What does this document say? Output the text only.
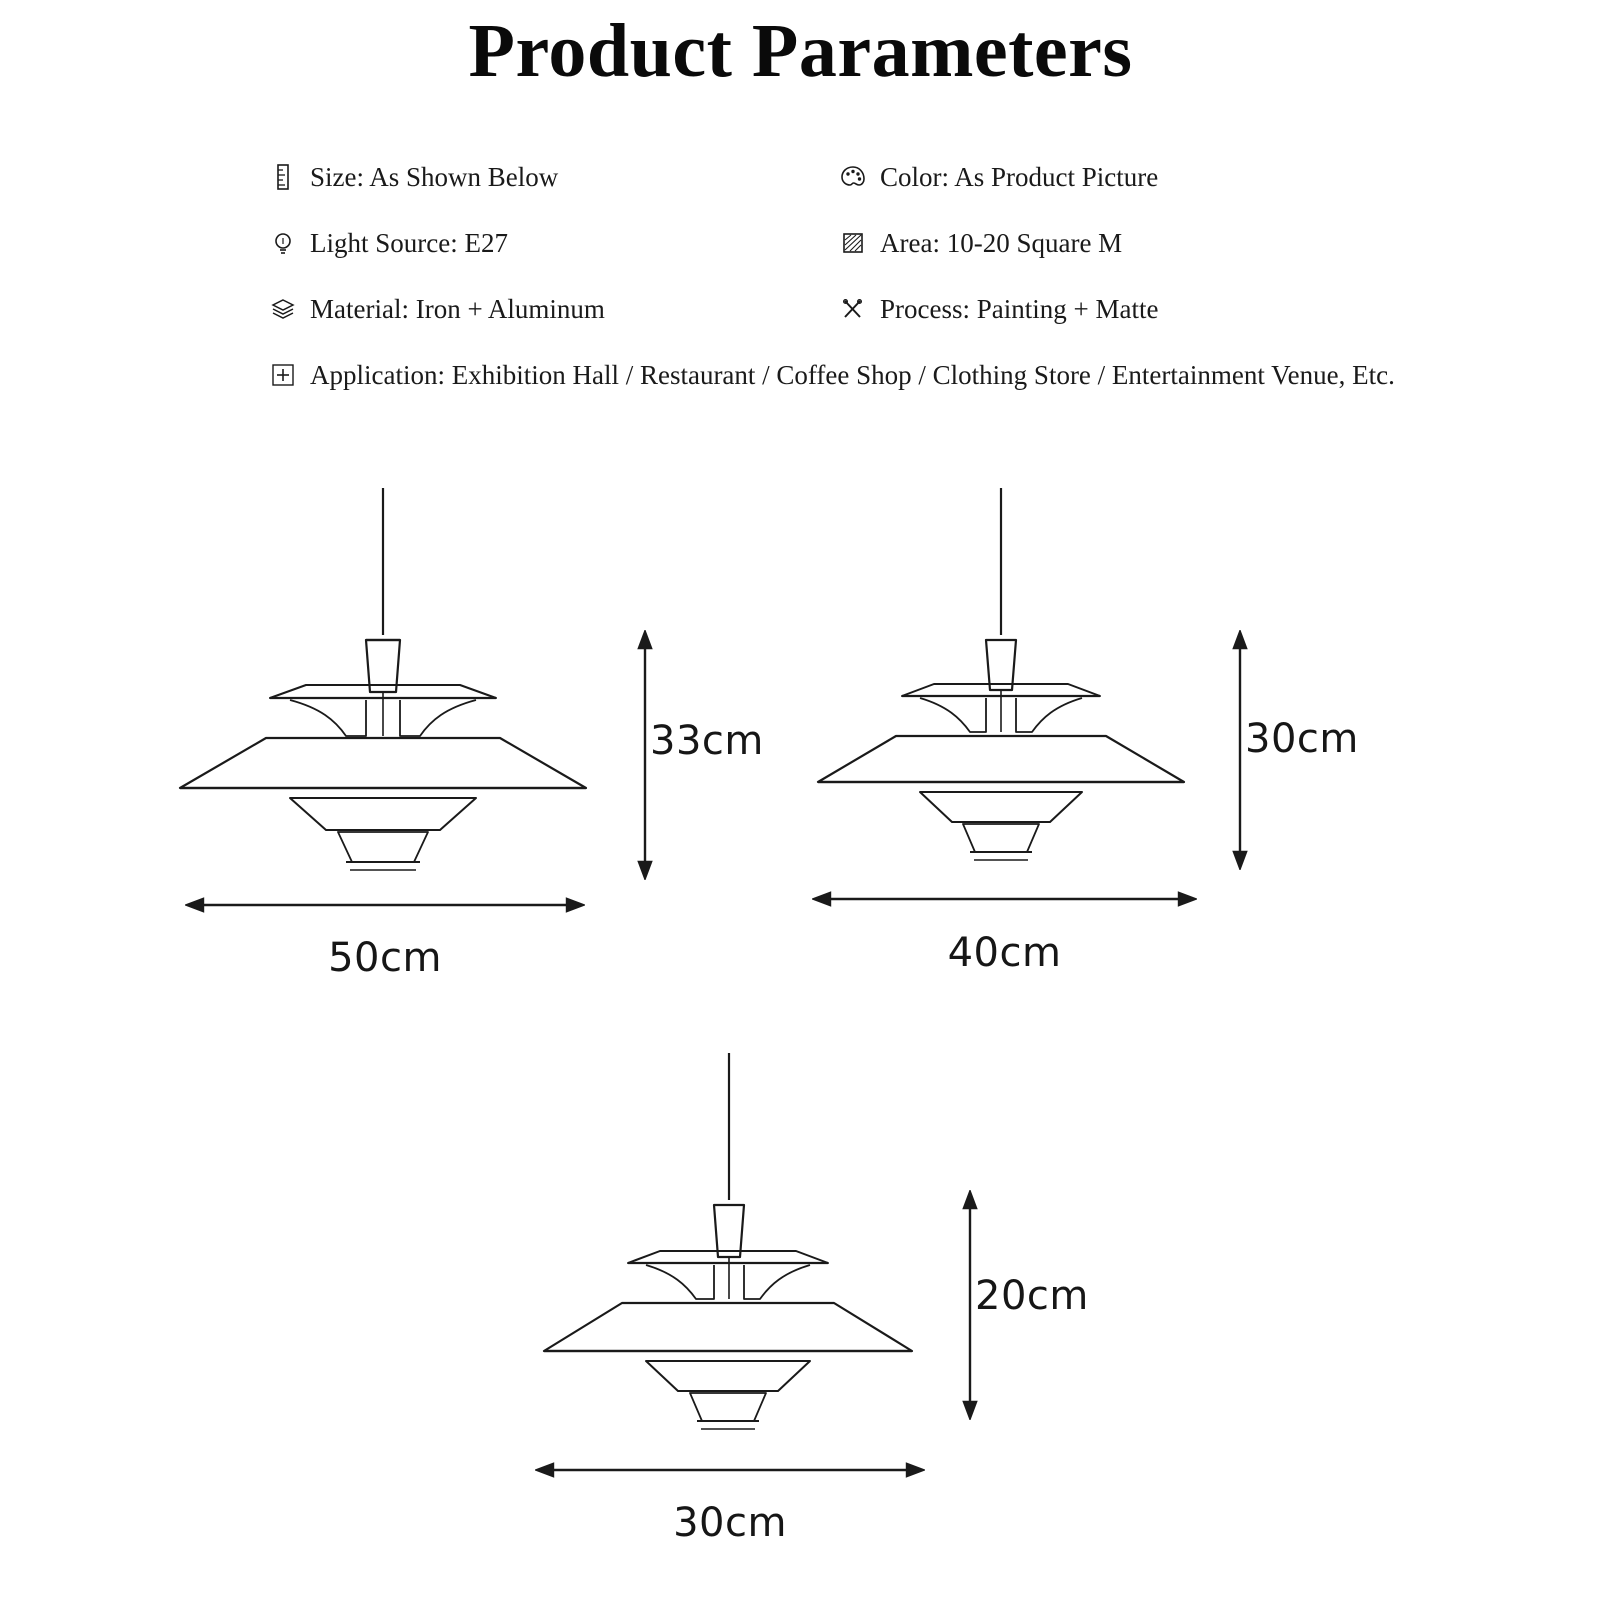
Product Parameters
Size: As Shown Below	Color: As Product Picture
Light Source: E27	Area: 10-20 Square M
Material: Iron + Aluminum	Process: Painting + Matte
Application: Exhibition Hall / Restaurant / Coffee Shop / Clothing Store / Entertainment Venue, Etc.
33cm
50cm
30cm
40cm
20cm
30cm
